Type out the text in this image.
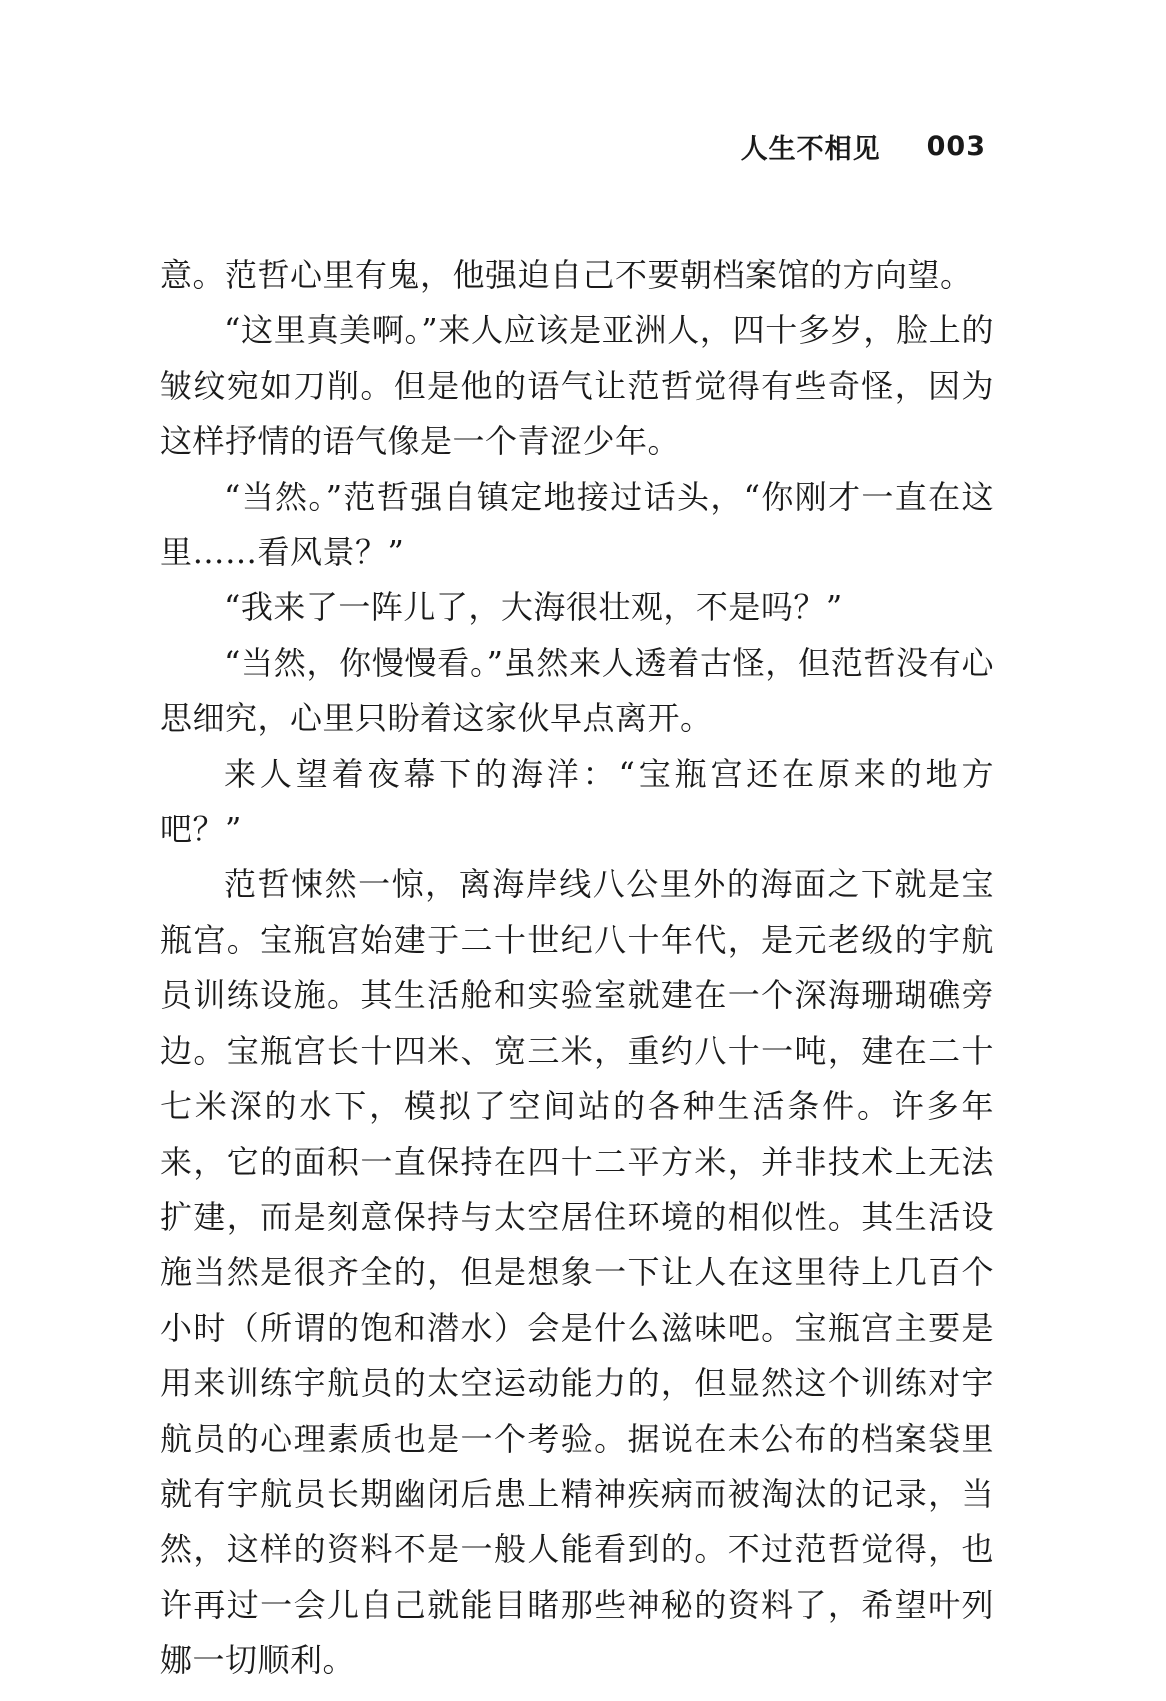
人生不相见 003

意。范哲心里有鬼，他强迫自己不要朝档案馆的方向望。

“这里真美啊。”来人应该是亚洲人，四十多岁，脸上的皱纹宛如刀削。但是他的语气让范哲觉得有些奇怪，因为这样抒情的语气像是一个青涩少年。

“当然。”范哲强自镇定地接过话头，“你刚才一直在这里……看风景？”

“我来了一阵儿了，大海很壮观，不是吗？”

“当然，你慢慢看。”虽然来人透着古怪，但范哲没有心思细究，心里只盼着这家伙早点离开。

来人望着夜幕下的海洋：“宝瓶宫还在原来的地方吧？”

范哲悚然一惊，离海岸线八公里外的海面之下就是宝瓶宫。宝瓶宫始建于二十世纪八十年代，是元老级的宇航员训练设施。其生活舱和实验室就建在一个深海珊瑚礁旁边。宝瓶宫长十四米、宽三米，重约八十一吨，建在二十七米深的水下，模拟了空间站的各种生活条件。许多年来，它的面积一直保持在四十二平方米，并非技术上无法扩建，而是刻意保持与太空居住环境的相似性。其生活设施当然是很齐全的，但是想象一下让人在这里待上几百个小时（所谓的饱和潜水）会是什么滋味吧。宝瓶宫主要是用来训练宇航员的太空运动能力的，但显然这个训练对宇航员的心理素质也是一个考验。据说在未公布的档案袋里就有宇航员长期幽闭后患上精神疾病而被淘汰的记录，当然，这样的资料不是一般人能看到的。不过范哲觉得，也许再过一会儿自己就能目睹那些神秘的资料了，希望叶列娜一切顺利。
